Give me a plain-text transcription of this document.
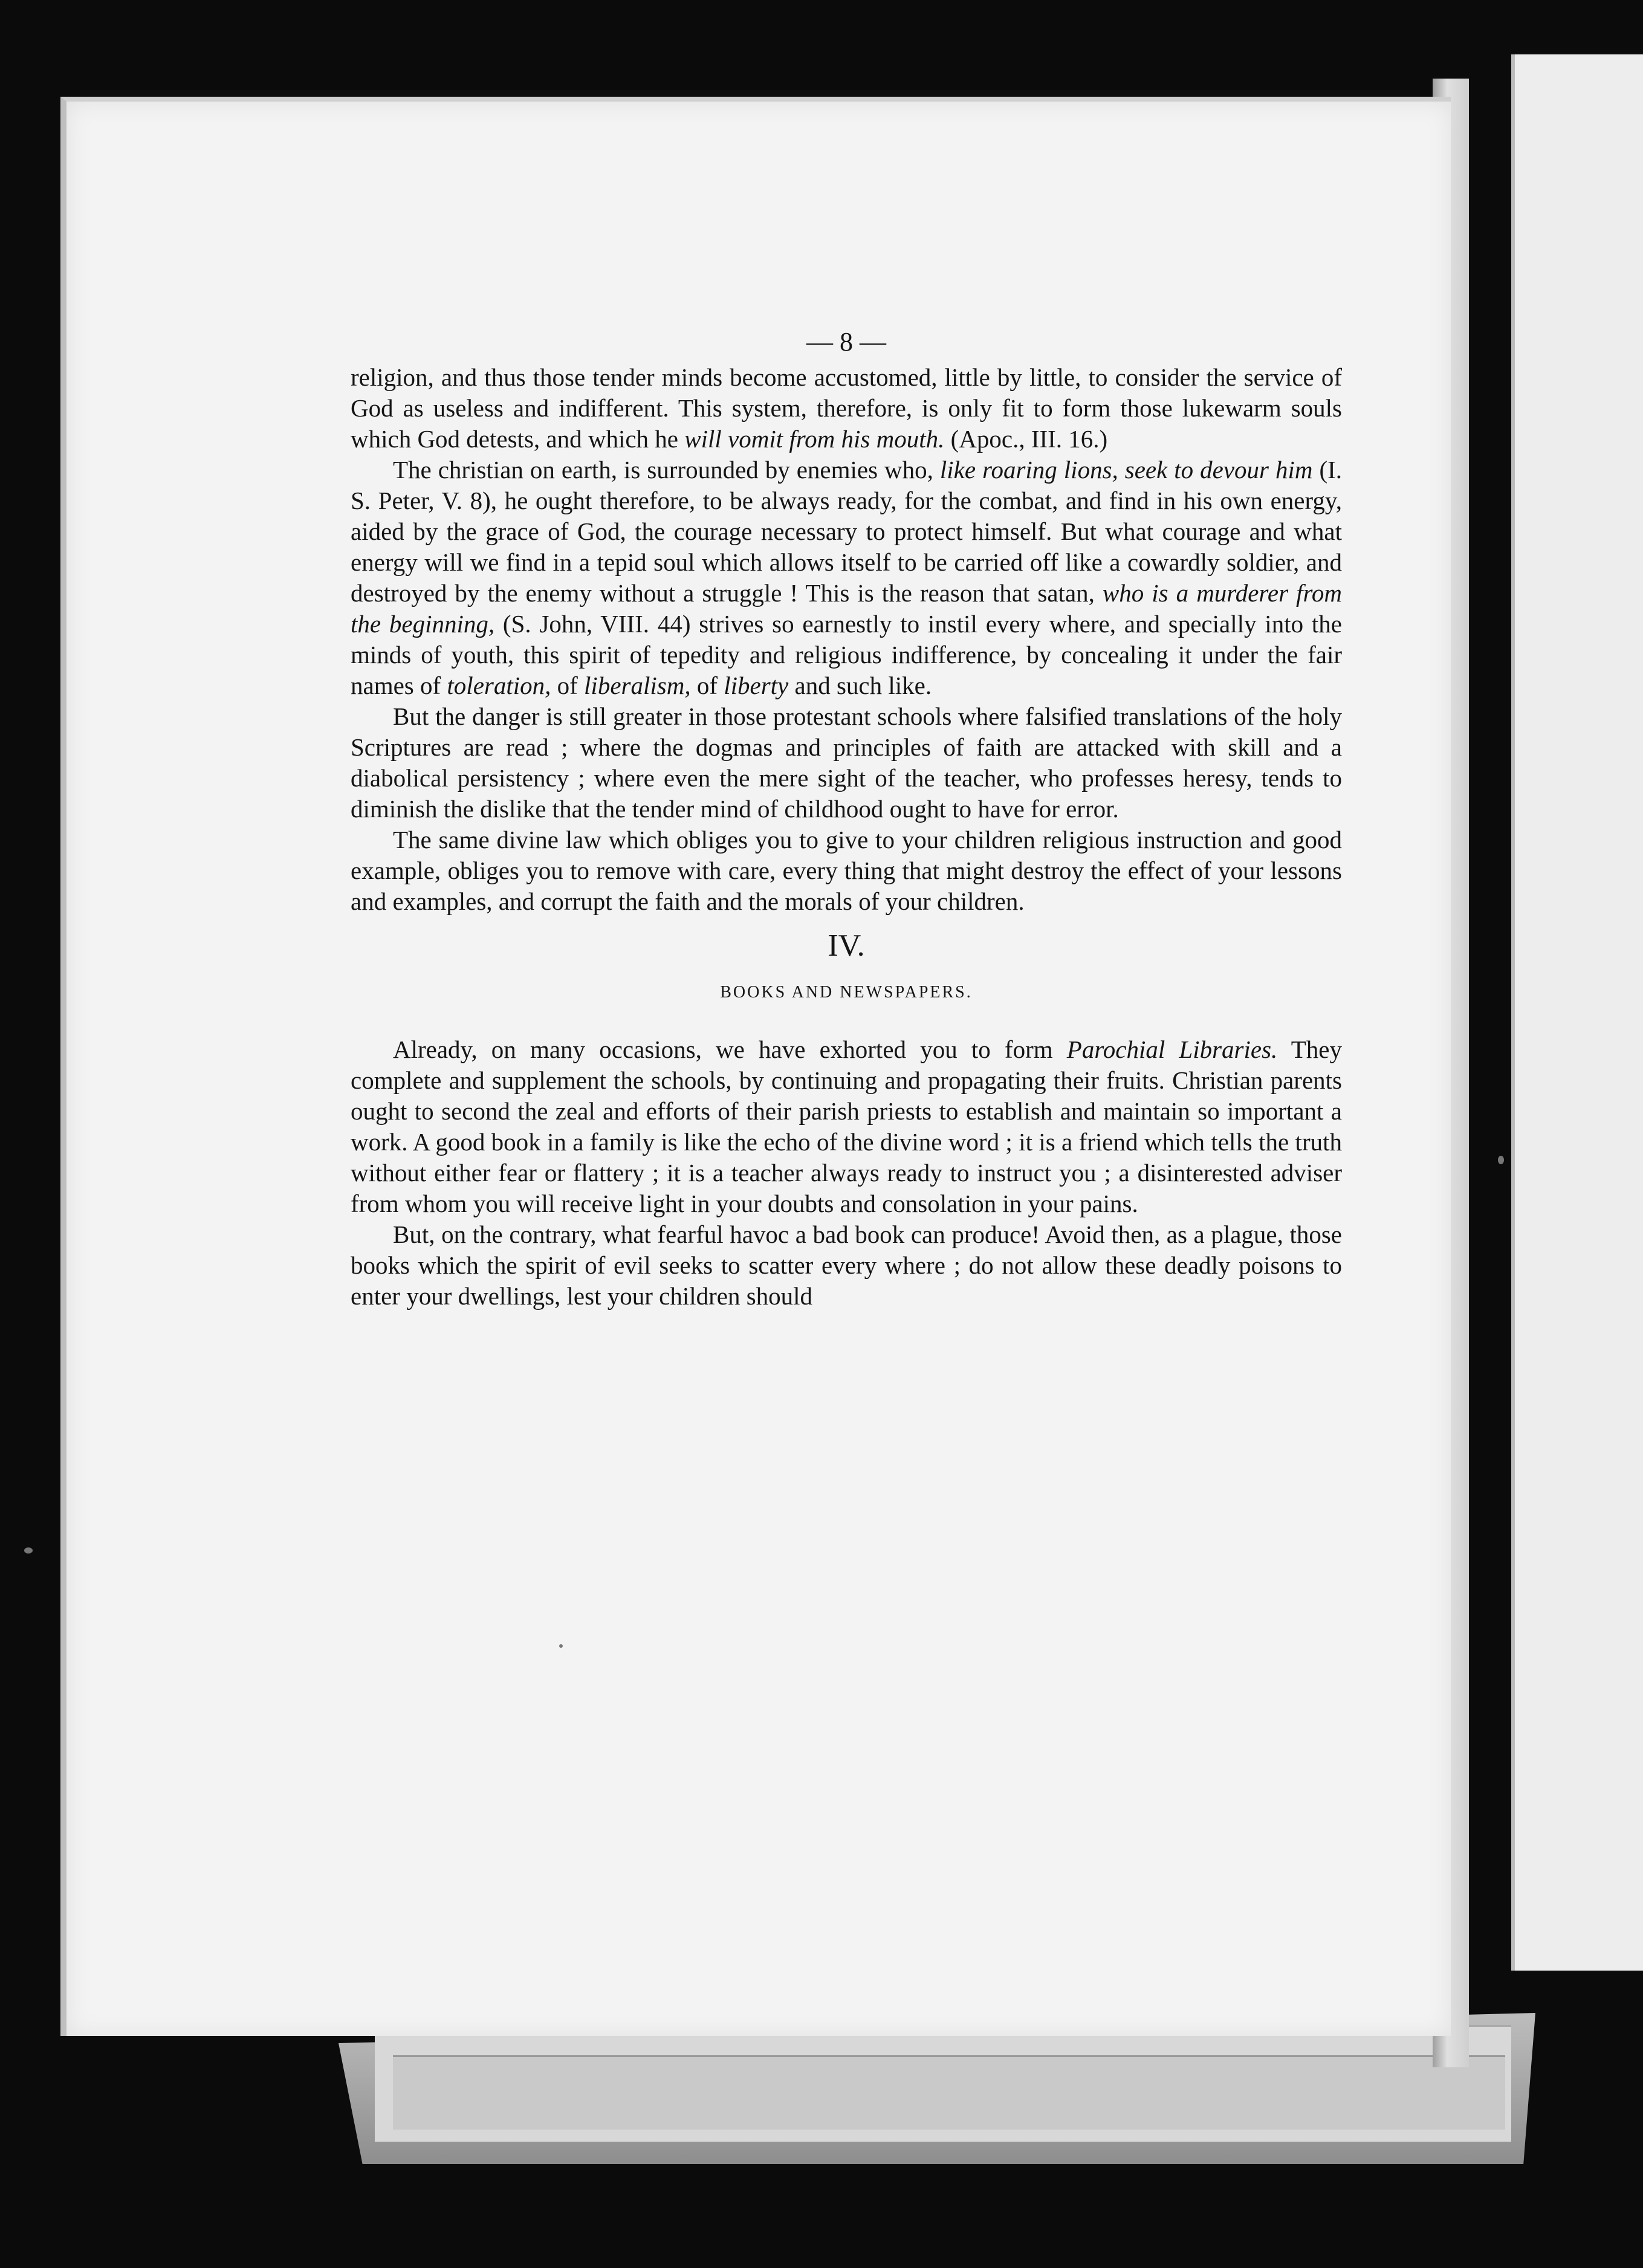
— 8 —

religion, and thus those tender minds become accustomed, little by little, to consider the service of God as useless and indifferent. This system, therefore, is only fit to form those lukewarm souls which God detests, and which he will vomit from his mouth. (Apoc., III. 16.)

The christian on earth, is surrounded by enemies who, like roaring lions, seek to devour him (I. S. Peter, V. 8), he ought therefore, to be always ready, for the combat, and find in his own energy, aided by the grace of God, the courage necessary to protect himself. But what courage and what energy will we find in a tepid soul which allows itself to be carried off like a cowardly soldier, and destroyed by the enemy without a struggle ! This is the reason that satan, who is a murderer from the beginning, (S. John, VIII. 44) strives so earnestly to instil every where, and specially into the minds of youth, this spirit of tepedity and religious indifference, by concealing it under the fair names of toleration, of liberalism, of liberty and such like.

But the danger is still greater in those protestant schools where falsified translations of the holy Scriptures are read ; where the dogmas and principles of faith are attacked with skill and a diabolical persistency ; where even the mere sight of the teacher, who professes heresy, tends to diminish the dislike that the tender mind of childhood ought to have for error.

The same divine law which obliges you to give to your children religious instruction and good example, obliges you to remove with care, every thing that might destroy the effect of your lessons and examples, and corrupt the faith and the morals of your children.

IV.
BOOKS AND NEWSPAPERS.

Already, on many occasions, we have exhorted you to form Parochial Libraries. They complete and supplement the schools, by continuing and propagating their fruits. Christian parents ought to second the zeal and efforts of their parish priests to establish and maintain so important a work. A good book in a family is like the echo of the divine word ; it is a friend which tells the truth without either fear or flattery ; it is a teacher always ready to instruct you ; a disinterested adviser from whom you will receive light in your doubts and consolation in your pains.

But, on the contrary, what fearful havoc a bad book can produce! Avoid then, as a plague, those books which the spirit of evil seeks to scatter every where ; do not allow these deadly poisons to enter your dwellings, lest your children should
